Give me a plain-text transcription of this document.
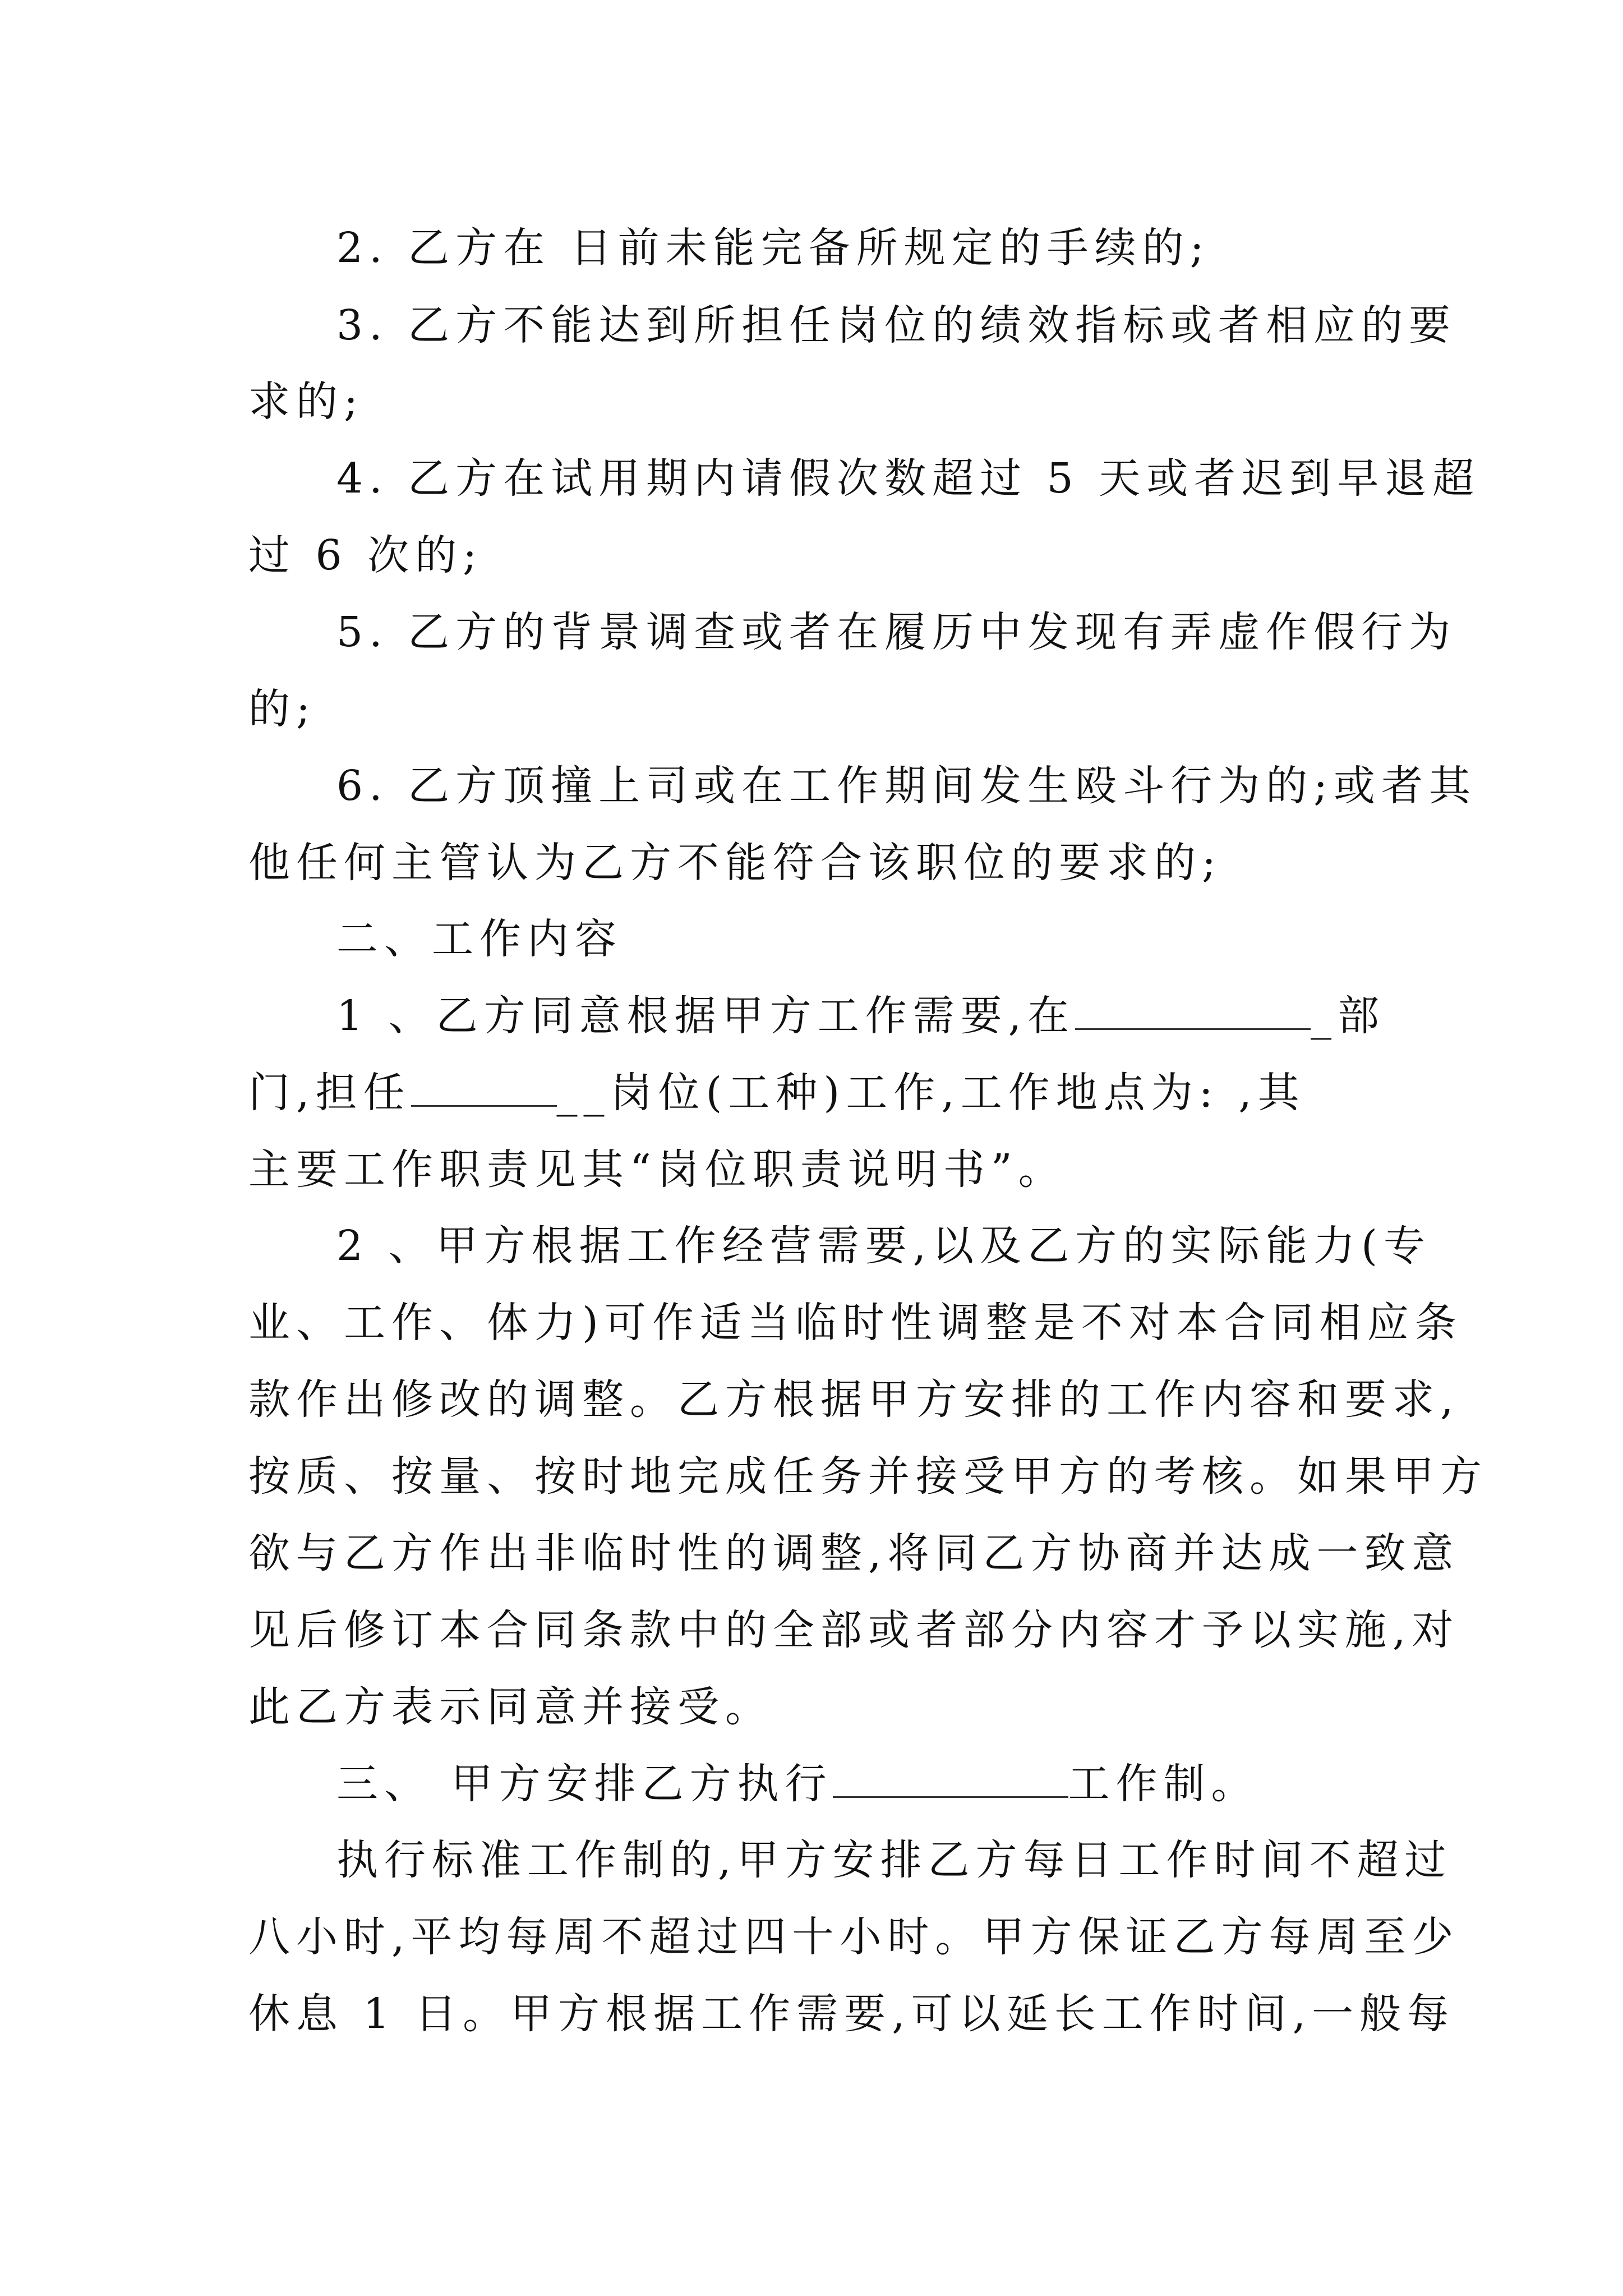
2. 乙方在 日前未能完备所规定的手续的;
3. 乙方不能达到所担任岗位的绩效指标或者相应的要
求的;
4. 乙方在试用期内请假次数超过 5 天或者迟到早退超
过 6 次的;
5. 乙方的背景调查或者在履历中发现有弄虚作假行为
的;
6. 乙方顶撞上司或在工作期间发生殴斗行为的;或者其
他任何主管认为乙方不能符合该职位的要求的;
二、工作内容
1 、乙方同意根据甲方工作需要,在	_部
门,担任	__岗位(工种)工作,工作地点为: ,其
主要工作职责见其“岗位职责说明书”。
2 、甲方根据工作经营需要,以及乙方的实际能力(专
业、工作、体力)可作适当临时性调整是不对本合同相应条
款作出修改的调整。乙方根据甲方安排的工作内容和要求,
按质、按量、按时地完成任务并接受甲方的考核。如果甲方
欲与乙方作出非临时性的调整,将同乙方协商并达成一致意
见后修订本合同条款中的全部或者部分内容才予以实施,对
此乙方表示同意并接受。
三、 甲方安排乙方执行	工作制。
执行标准工作制的,甲方安排乙方每日工作时间不超过
八小时,平均每周不超过四十小时。甲方保证乙方每周至少
休息 1 日。甲方根据工作需要,可以延长工作时间,一般每
